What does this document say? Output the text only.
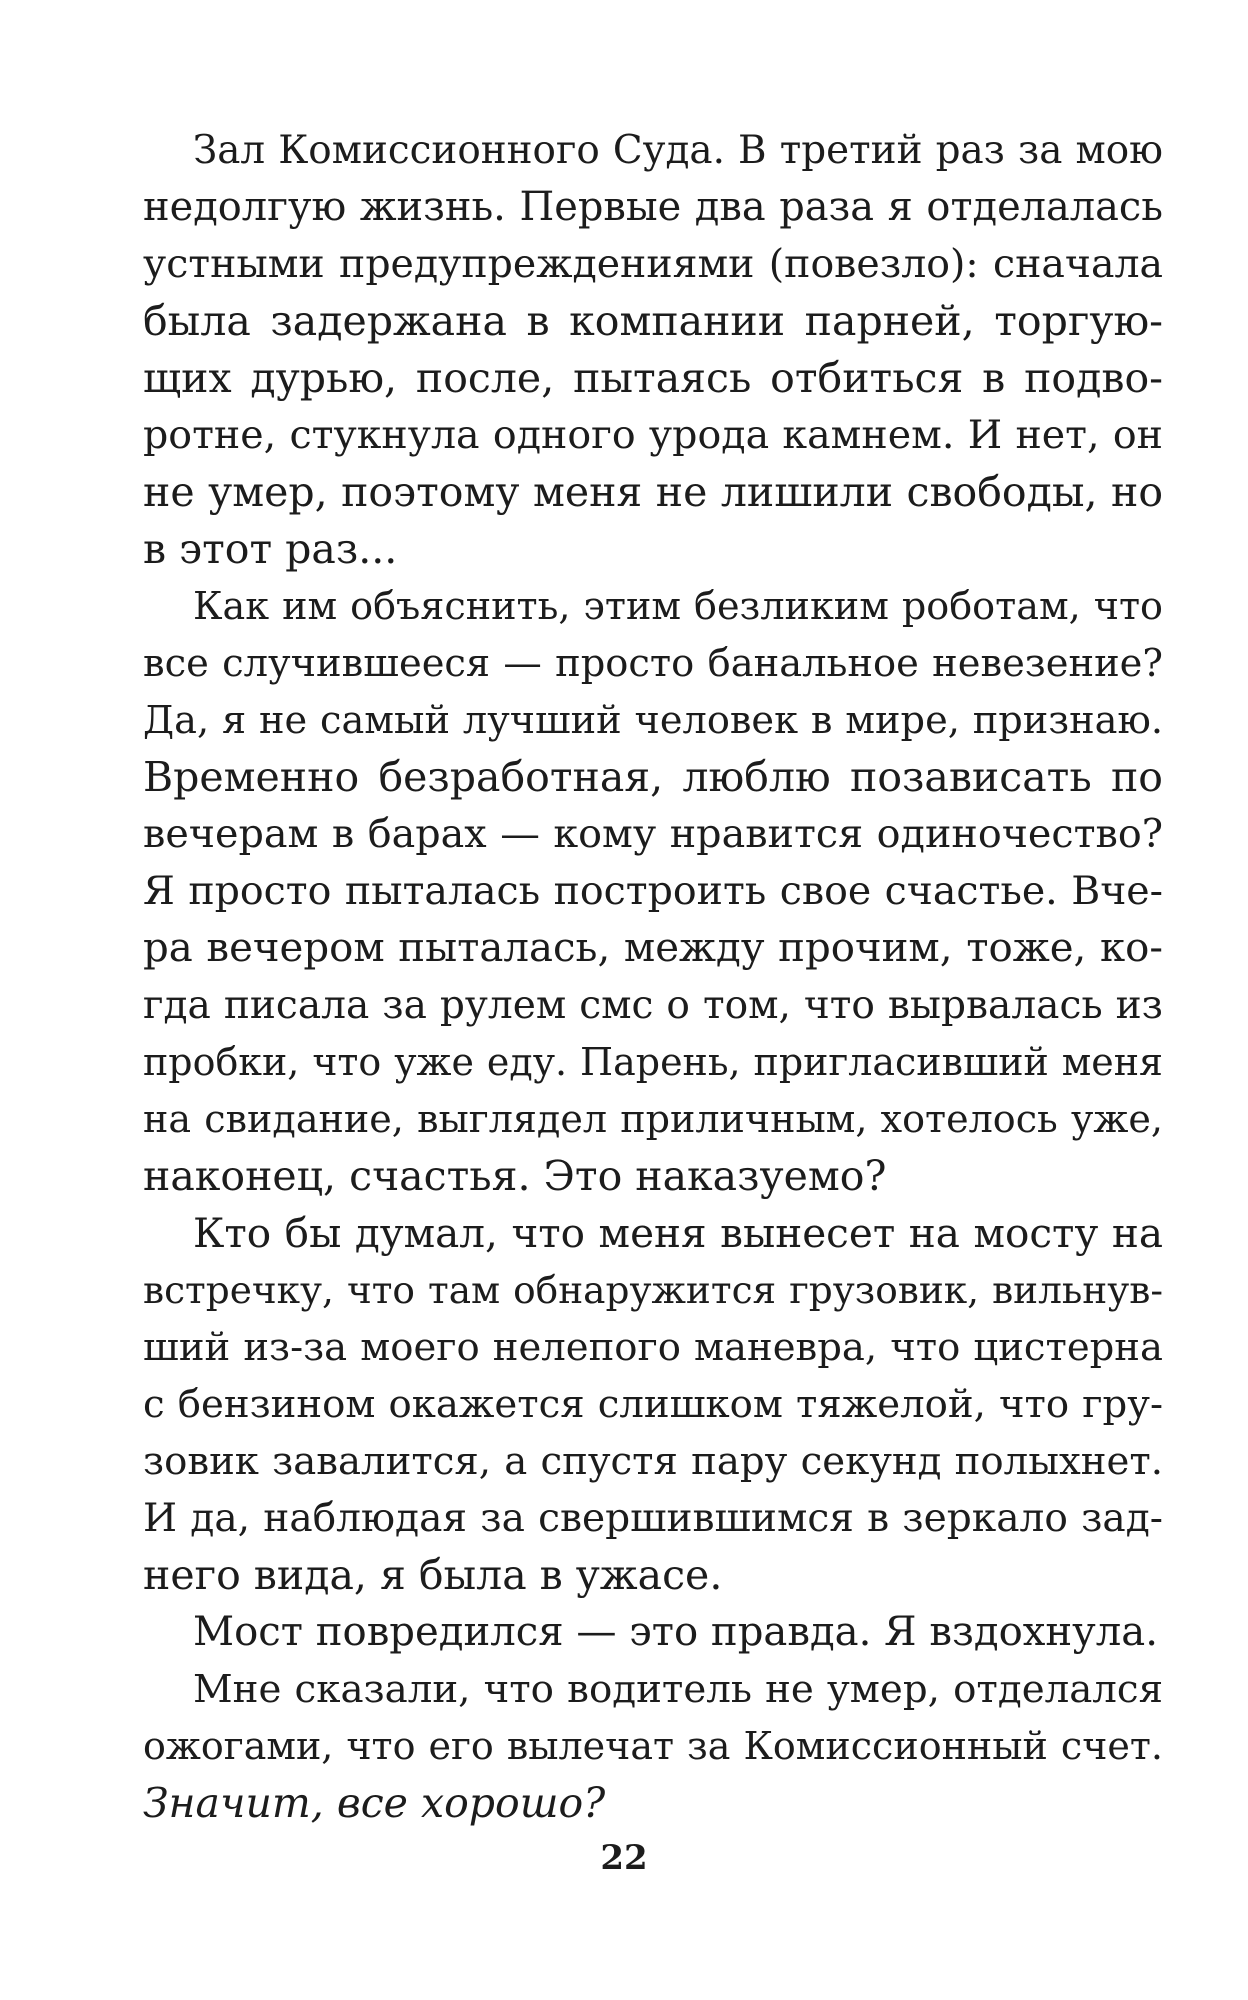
Зал Комиссионного Суда. В третий раз за мою
недолгую жизнь. Первые два раза я отделалась
устными предупреждениями (повезло): сначала
была задержана в компании парней, торгую-
щих дурью, после, пытаясь отбиться в подво-
ротне, стукнула одного урода камнем. И нет, он
не умер, поэтому меня не лишили свободы, но
в этот раз...
Как им объяснить, этим безликим роботам, что
все случившееся — просто банальное невезение?
Да, я не самый лучший человек в мире, признаю.
Временно безработная, люблю позависать по
вечерам в барах — кому нравится одиночество?
Я просто пыталась построить свое счастье. Вче-
ра вечером пыталась, между прочим, тоже, ко-
гда писала за рулем смс о том, что вырвалась из
пробки, что уже еду. Парень, пригласивший меня
на свидание, выглядел приличным, хотелось уже,
наконец, счастья. Это наказуемо?
Кто бы думал, что меня вынесет на мосту на
встречку, что там обнаружится грузовик, вильнув-
ший из-за моего нелепого маневра, что цистерна
с бензином окажется слишком тяжелой, что гру-
зовик завалится, а спустя пару секунд полыхнет.
И да, наблюдая за свершившимся в зеркало зад-
него вида, я была в ужасе.
Мост повредился — это правда. Я вздохнула.
Мне сказали, что водитель не умер, отделался
ожогами, что его вылечат за Комиссионный счет.
Значит, все хорошо?
22
